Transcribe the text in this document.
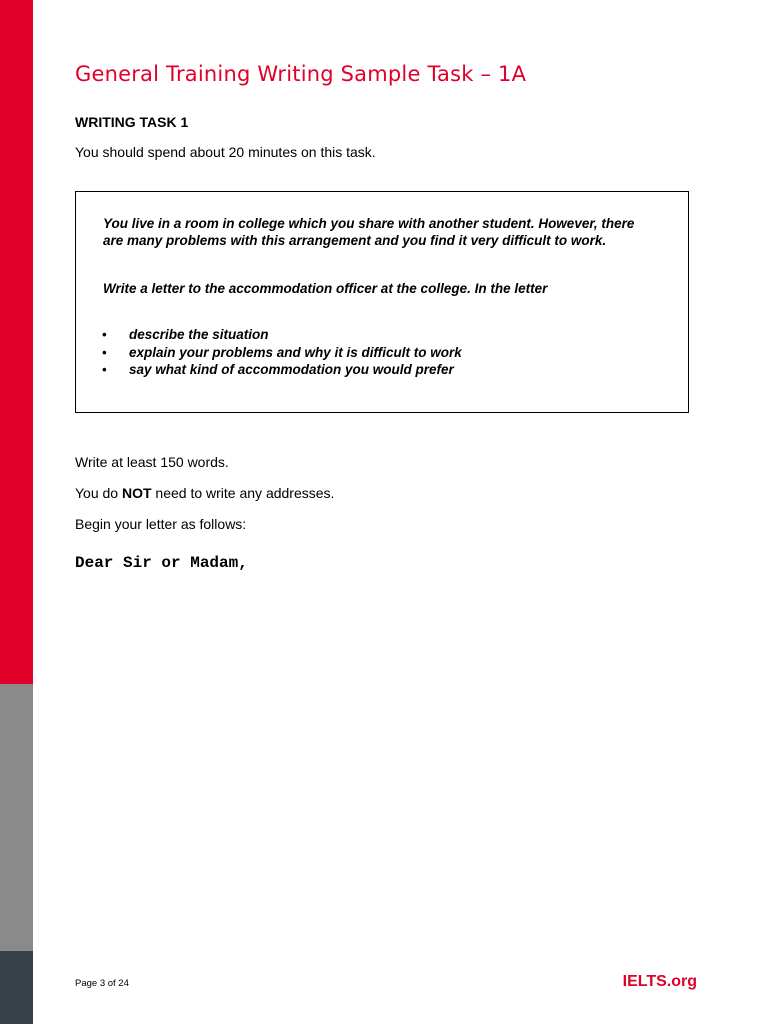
General Training Writing Sample Task – 1A
WRITING TASK 1

You should spend about 20 minutes on this task.

You live in a room in college which you share with another student. However, there

are many problems with this arrangement and you find it very difficult to work.

Write a letter to the accommodation officer at the college. In the letter

• describe the situation
• explain your problems and why it is difficult to work
• say what kind of accommodation you would prefer

Write at least 150 words.

You do NOT need to write any addresses.

Begin your letter as follows:

Dear Sir or Madam,
Page 3 of 24	IELTS.org
